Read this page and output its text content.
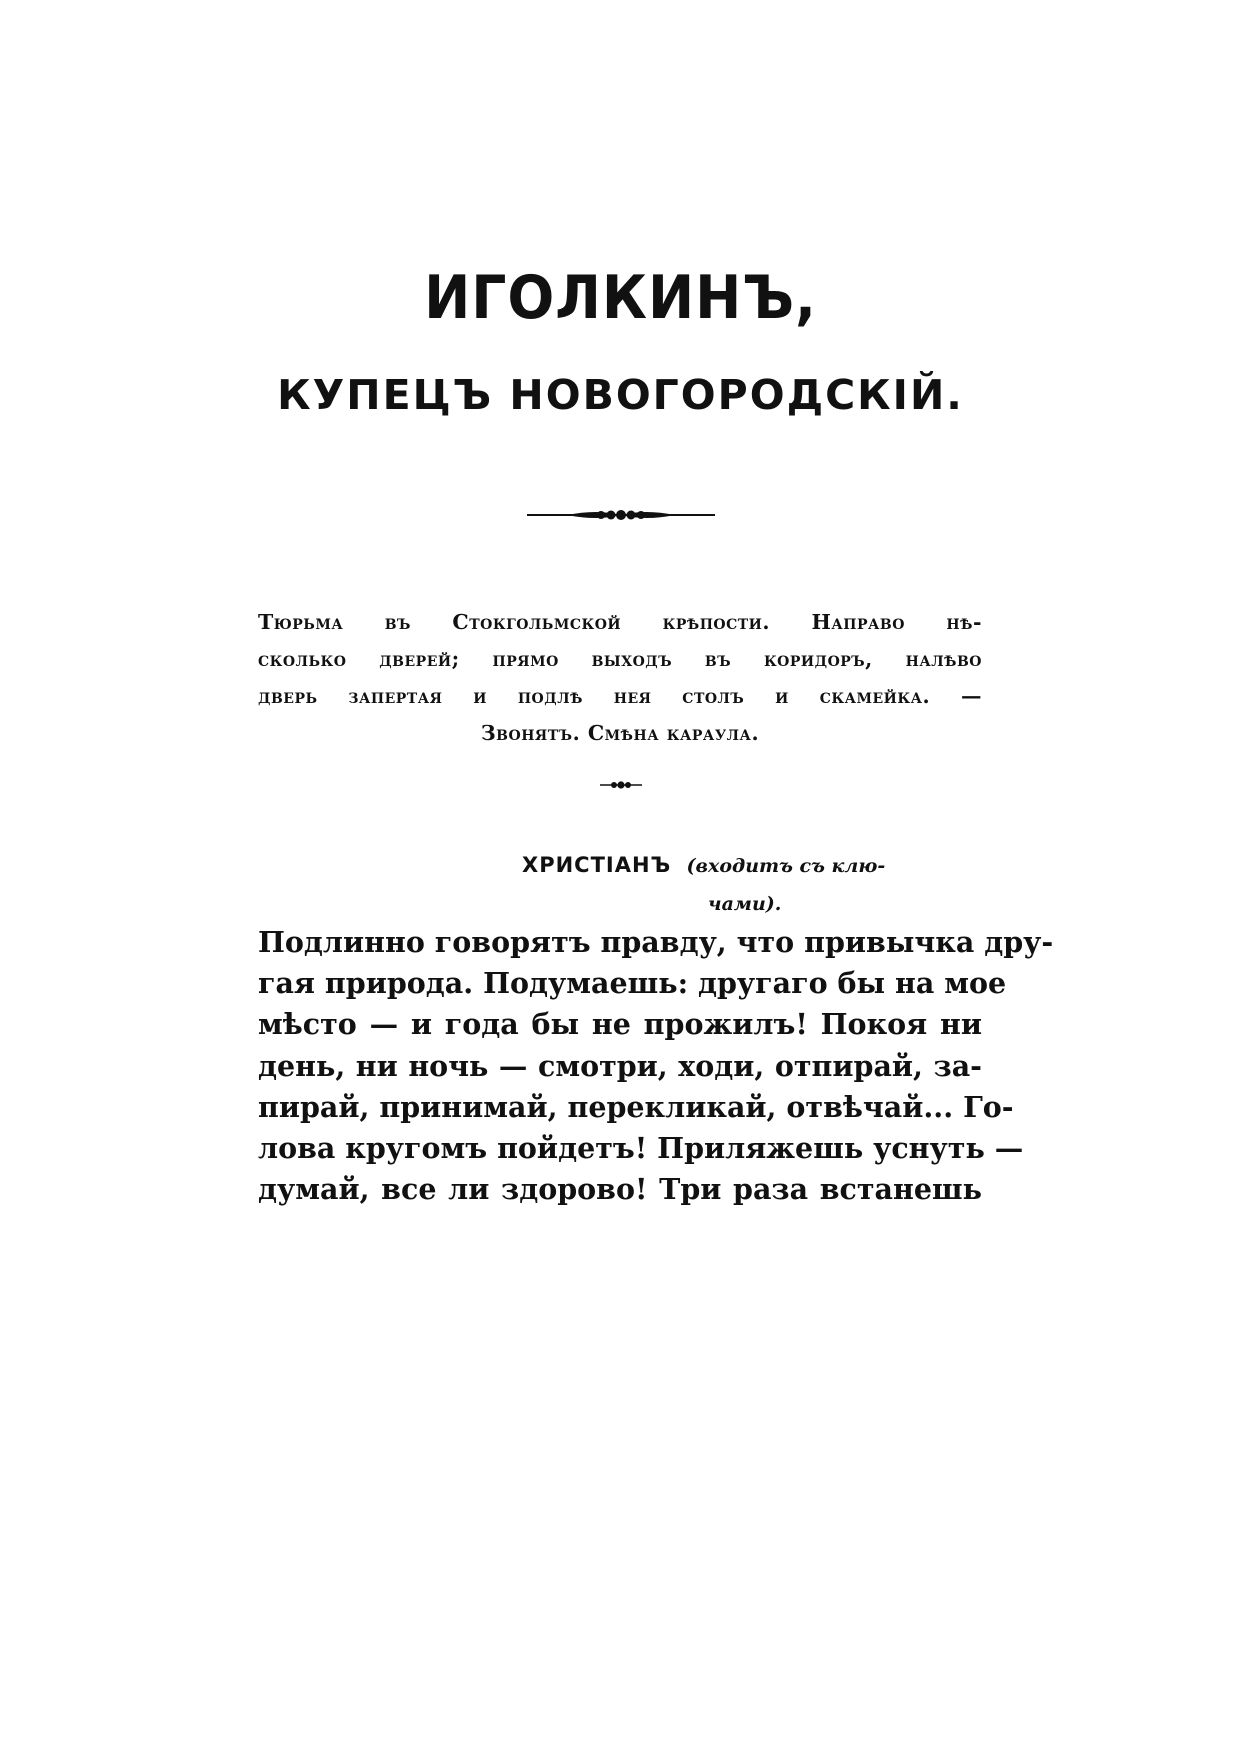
ИГОЛКИНЪ,
КУПЕЦЪ НОВОГОРОДСКIЙ.
Тюрьма въ Стокгольмской крѣпости. Направо нѣ-
сколько дверей; прямо выходъ въ коридоръ, налѣво
дверь запертая и подлѣ нея столъ и скамейка. —
Звонятъ. Смѣна караула.
ХРИСТIАНЪ (входитъ съ клю-
чами).
Подлинно говорятъ правду, что привычка дру-
гая природа. Подумаешь: другаго бы на мое
мѣсто — и года бы не прожилъ! Покоя ни
день, ни ночь — смотри, ходи, отпирай, за-
пирай, принимай, перекликай, отвѣчай... Го-
лова кругомъ пойдетъ! Приляжешь уснуть —
думай, все ли здорово! Три раза встанешь
